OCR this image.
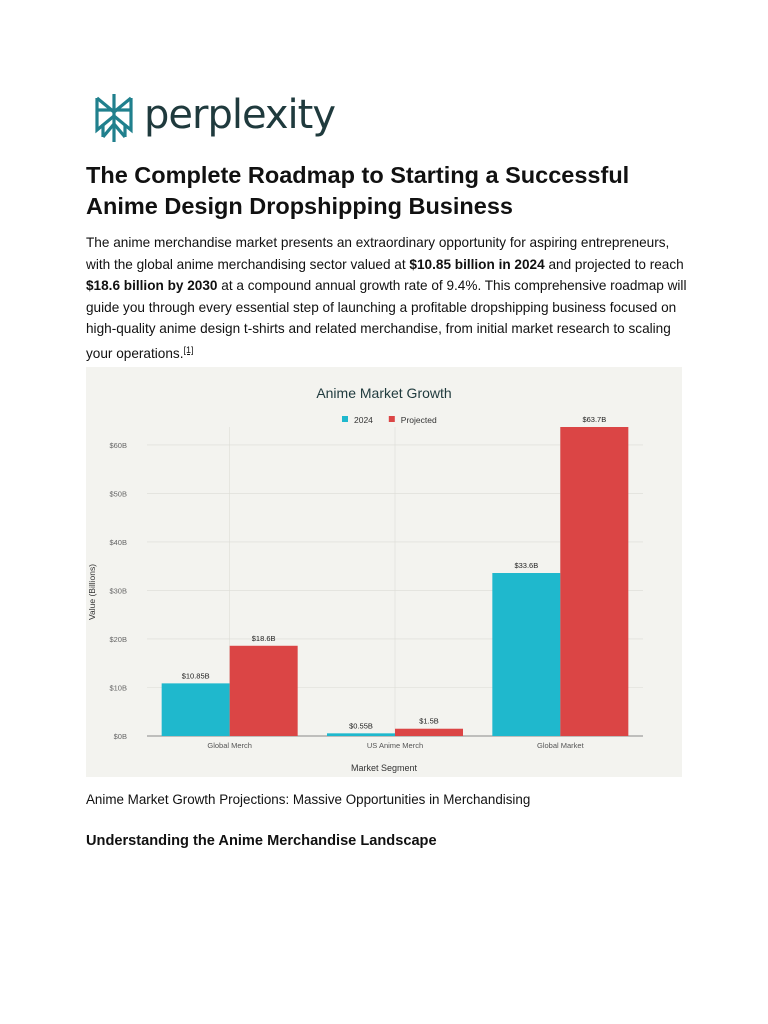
perplexity
The Complete Roadmap to Starting a Successful Anime Design Dropshipping Business

The anime merchandise market presents an extraordinary opportunity for aspiring entrepreneurs, with the global anime merchandising sector valued at $10.85 billion in 2024 and projected to reach $18.6 billion by 2030 at a compound annual growth rate of 9.4%. This comprehensive roadmap will guide you through every essential step of launching a profitable dropshipping business focused on high-quality anime design t-shirts and related merchandise, from initial market research to scaling your operations.[1]

Anime Market Growth
2024	Projected
$0B
$10B
$20B
$30B
$40B
$50B
$60B
$10.85B
$18.6B
Global Merch
$0.55B
$1.5B
US Anime Merch
$33.6B
$63.7B
Global Market
Market Segment
Value (Billions)

Anime Market Growth Projections: Massive Opportunities in Merchandising

Understanding the Anime Merchandise Landscape
